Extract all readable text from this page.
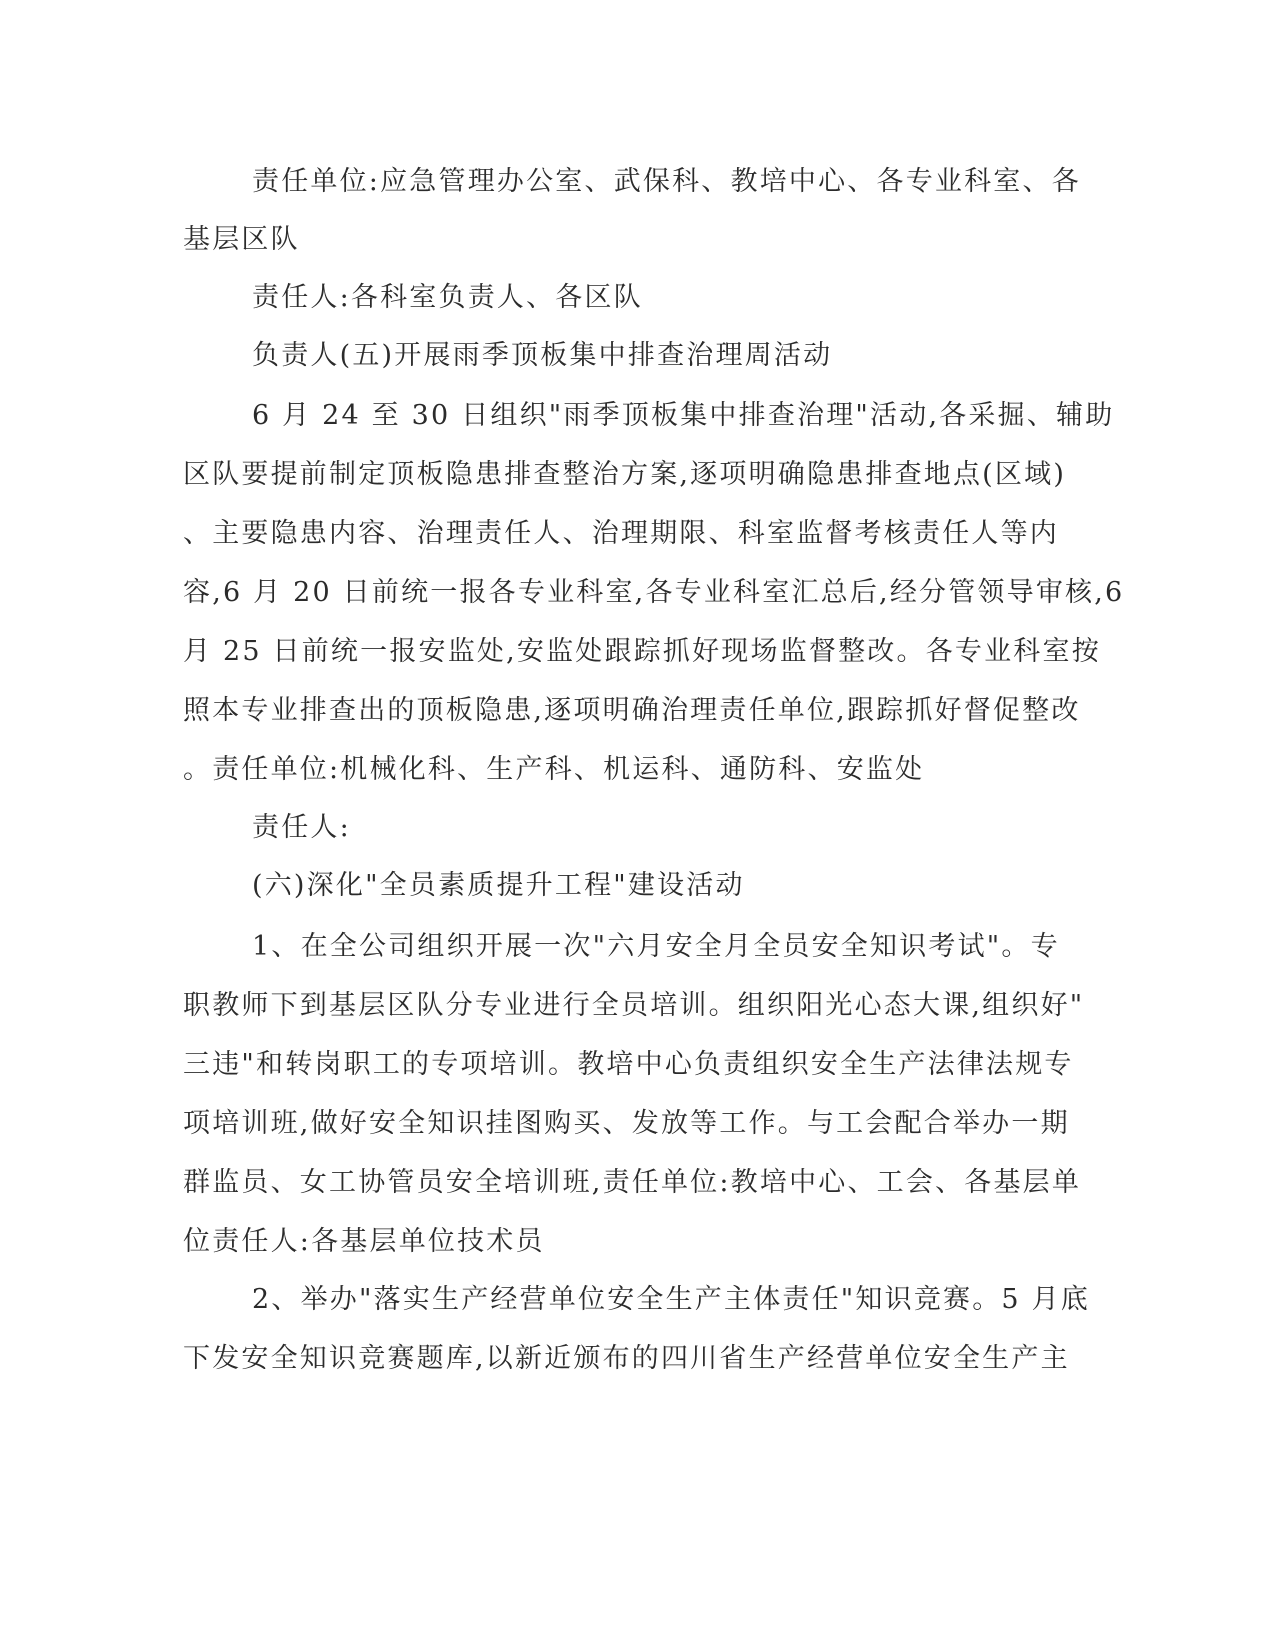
责任单位:应急管理办公室、武保科、教培中心、各专业科室、各

基层区队

责任人:各科室负责人、各区队

负责人(五)开展雨季顶板集中排查治理周活动

6 月 24 至 30 日组织"雨季顶板集中排查治理"活动,各采掘、辅助

区队要提前制定顶板隐患排查整治方案,逐项明确隐患排查地点(区域)

、主要隐患内容、治理责任人、治理期限、科室监督考核责任人等内

容,6 月 20 日前统一报各专业科室,各专业科室汇总后,经分管领导审核,6

月 25 日前统一报安监处,安监处跟踪抓好现场监督整改。各专业科室按

照本专业排查出的顶板隐患,逐项明确治理责任单位,跟踪抓好督促整改

。责任单位:机械化科、生产科、机运科、通防科、安监处

责任人:

(六)深化"全员素质提升工程"建设活动

1、在全公司组织开展一次"六月安全月全员安全知识考试"。专

职教师下到基层区队分专业进行全员培训。组织阳光心态大课,组织好"

三违"和转岗职工的专项培训。教培中心负责组织安全生产法律法规专

项培训班,做好安全知识挂图购买、发放等工作。与工会配合举办一期

群监员、女工协管员安全培训班,责任单位:教培中心、工会、各基层单

位责任人:各基层单位技术员

2、举办"落实生产经营单位安全生产主体责任"知识竞赛。5 月底

下发安全知识竞赛题库,以新近颁布的四川省生产经营单位安全生产主
